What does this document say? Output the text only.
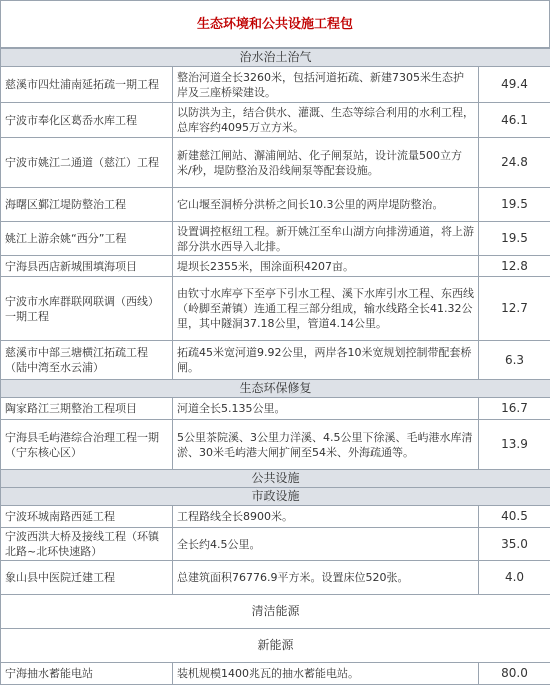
生态环境和公共设施工程包
治水治土治气		
慈溪市四灶浦南延拓疏一期工程	整治河道全长3260米，包括河道拓疏、新建7305米生态护岸及三座桥梁建设。	49.4
宁波市奉化区葛岙水库工程	以防洪为主，结合供水、灌溉、生态等综合利用的水利工程，总库容约4095万立方米。	46.1
宁波市姚江二通道（慈江）工程	新建慈江闸站、澥浦闸站、化子闸泵站，设计流量500立方米/秒，堤防整治及沿线闸泵等配套设施。	24.8
海曙区鄞江堤防整治工程	它山堰至洞桥分洪桥之间长10.3公里的两岸堤防整治。	19.5
姚江上游余姚“西分”工程	设置调控枢纽工程。新开姚江至牟山湖方向排涝通道，将上游部分洪水西导入北排。	19.5
宁海县西店新城围填海项目	堤坝长2355米，围涂面积4207亩。	12.8
宁波市水库群联网联调（西线）一期工程	由钦寸水库亭下至亭下引水工程、溪下水库引水工程、东西线（岭脚至萧镇）连通工程三部分组成，输水线路全长41.32公里，其中隧洞37.18公里，管道4.14公里。	12.7
慈溪市中部三塘横江拓疏工程（陆中湾至水云浦）	拓疏45米宽河道9.92公里，两岸各10米宽规划控制带配套桥闸。	6.3
生态环保修复		
陶家路江三期整治工程项目	河道全长5.135公里。	16.7
宁海县毛屿港综合治理工程一期（宁东核心区）	5公里茶院溪、3公里力洋溪、4.5公里下徐溪、毛屿港水库清淤、30米毛屿港大闸扩闸至54米、外海疏通等。	13.9
公共设施		
市政设施		
宁波环城南路西延工程	工程路线全长8900米。	40.5
宁波西洪大桥及接线工程（环镇北路~北环快速路）	全长约4.5公里。	35.0
象山县中医院迁建工程	总建筑面积76776.9平方米。设置床位520张。	4.0
清洁能源		
新能源		
宁海抽水蓄能电站	装机规模1400兆瓦的抽水蓄能电站。	80.0
